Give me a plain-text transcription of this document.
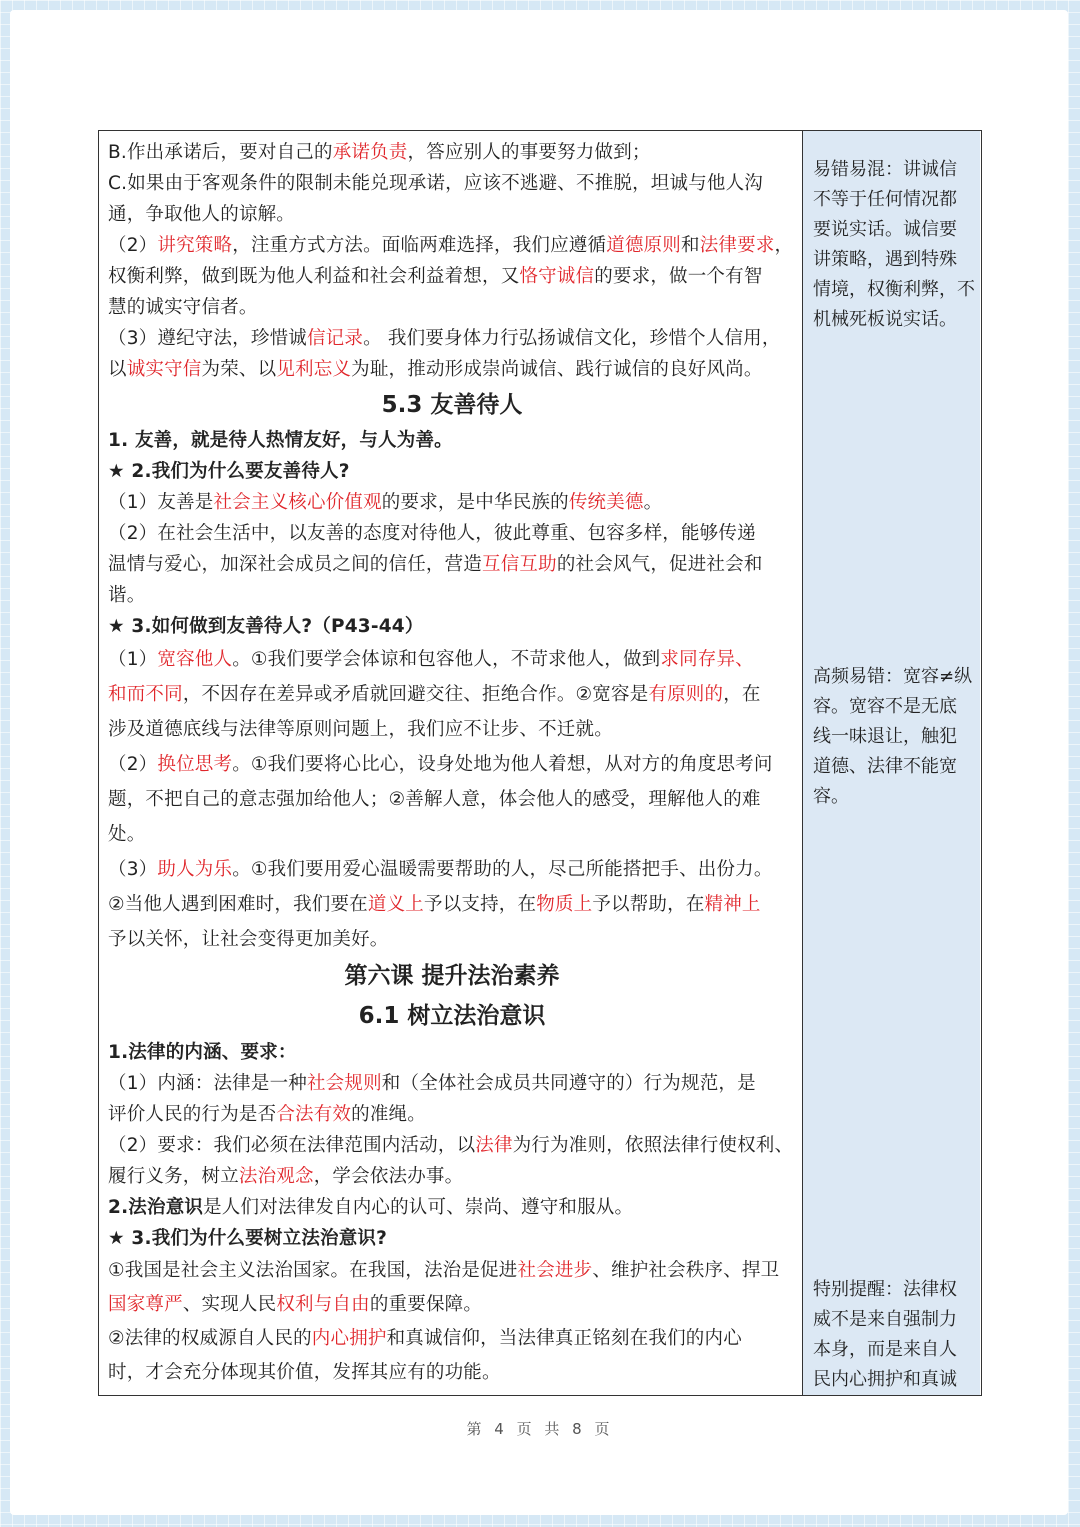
B.作出承诺后，要对自己的承诺负责，答应别人的事要努力做到；
C.如果由于客观条件的限制未能兑现承诺，应该不逃避、不推脱，坦诚与他人沟
通，争取他人的谅解。
（2）讲究策略，注重方式方法。面临两难选择，我们应遵循道德原则和法律要求，
权衡利弊，做到既为他人利益和社会利益着想，又恪守诚信的要求，做一个有智
慧的诚实守信者。
（3）遵纪守法，珍惜诚信记录。 我们要身体力行弘扬诚信文化，珍惜个人信用，
以诚实守信为荣、以见利忘义为耻，推动形成崇尚诚信、践行诚信的良好风尚。
5.3 友善待人
1. 友善，就是待人热情友好，与人为善。
★ 2.我们为什么要友善待人?
（1）友善是社会主义核心价值观的要求，是中华民族的传统美德。
（2）在社会生活中，以友善的态度对待他人，彼此尊重、包容多样，能够传递
温情与爱心，加深社会成员之间的信任，营造互信互助的社会风气，促进社会和
谐。
★ 3.如何做到友善待人?（P43-44）
（1）宽容他人。①我们要学会体谅和包容他人，不苛求他人，做到求同存异、
和而不同，不因存在差异或矛盾就回避交往、拒绝合作。②宽容是有原则的，在
涉及道德底线与法律等原则问题上，我们应不让步、不迁就。
（2）换位思考。①我们要将心比心，设身处地为他人着想，从对方的角度思考问
题，不把自己的意志强加给他人；②善解人意，体会他人的感受，理解他人的难
处。
（3）助人为乐。①我们要用爱心温暖需要帮助的人，尽己所能搭把手、出份力。
②当他人遇到困难时，我们要在道义上予以支持，在物质上予以帮助，在精神上
予以关怀，让社会变得更加美好。
第六课 提升法治素养
6.1 树立法治意识
1.法律的内涵、要求：
（1）内涵：法律是一种社会规则和（全体社会成员共同遵守的）行为规范，是
评价人民的行为是否合法有效的准绳。
（2）要求：我们必须在法律范围内活动，以法律为行为准则，依照法律行使权利、
履行义务，树立法治观念，学会依法办事。
2.法治意识是人们对法律发自内心的认可、崇尚、遵守和服从。
★ 3.我们为什么要树立法治意识?
①我国是社会主义法治国家。在我国，法治是促进社会进步、维护社会秩序、捍卫
国家尊严、实现人民权利与自由的重要保障。
②法律的权威源自人民的内心拥护和真诚信仰，当法律真正铭刻在我们的内心
时，才会充分体现其价值，发挥其应有的功能。
易错易混：讲诚信
不等于任何情况都
要说实话。诚信要
讲策略，遇到特殊
情境，权衡利弊，不
机械死板说实话。
高频易错：宽容≠纵
容。宽容不是无底
线一味退让，触犯
道德、法律不能宽
容。
特别提醒：法律权
威不是来自强制力
本身，而是来自人
民内心拥护和真诚
第 4 页 共 8 页
